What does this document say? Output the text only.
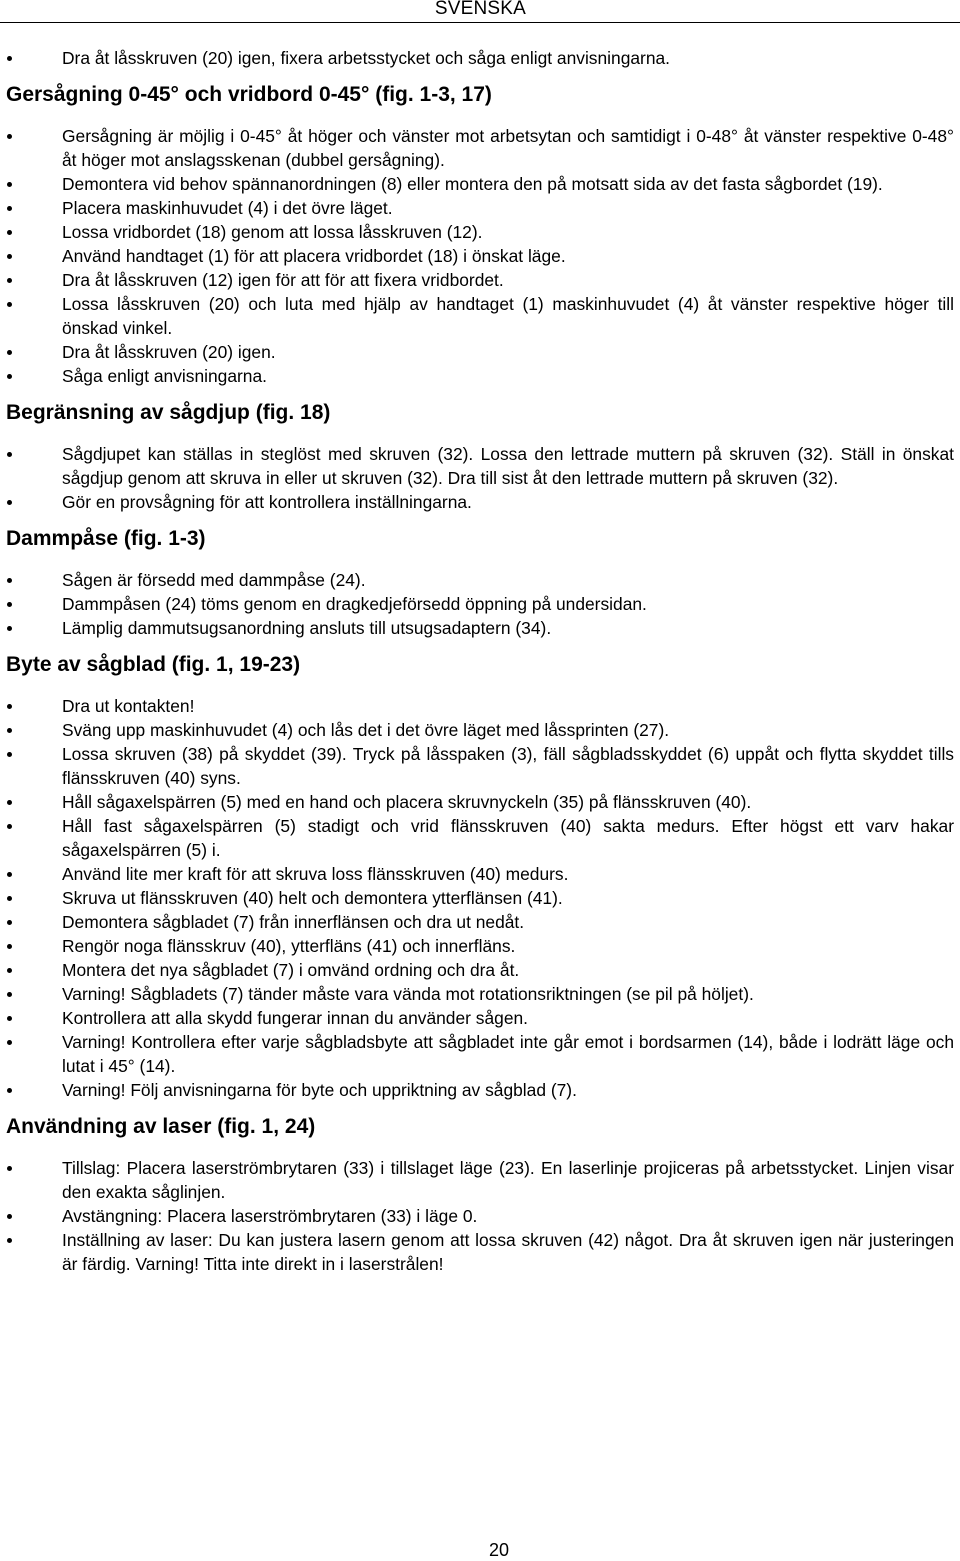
SVENSKA
Dra åt låsskruven (20) igen, fixera arbetsstycket och såga enligt anvisningarna.
Gersågning 0-45° och vridbord 0-45° (fig. 1-3, 17)
Gersågning är möjlig i 0-45° åt höger och vänster mot arbetsytan och samtidigt i 0-48° åt vänster respektive 0-48° åt höger mot anslagsskenan (dubbel gersågning).
Demontera vid behov spännanordningen (8) eller montera den på motsatt sida av det fasta sågbordet (19).
Placera maskinhuvudet (4) i det övre läget.
Lossa vridbordet (18) genom att lossa låsskruven (12).
Använd handtaget (1) för att placera vridbordet (18) i önskat läge.
Dra åt låsskruven (12) igen för att för att fixera vridbordet.
Lossa låsskruven (20) och luta med hjälp av handtaget (1) maskinhuvudet (4) åt vänster respektive höger till önskad vinkel.
Dra åt låsskruven (20) igen.
Såga enligt anvisningarna.
Begränsning av sågdjup (fig. 18)
Sågdjupet kan ställas in steglöst med skruven (32). Lossa den lettrade muttern på skruven (32). Ställ in önskat sågdjup genom att skruva in eller ut skruven (32). Dra till sist åt den lettrade muttern på skruven (32).
Gör en provsågning för att kontrollera inställningarna.
Dammpåse (fig. 1-3)
Sågen är försedd med dammpåse (24).
Dammpåsen (24) töms genom en dragkedjeförsedd öppning på undersidan.
Lämplig dammutsugsanordning ansluts till utsugsadaptern (34).
Byte av sågblad (fig. 1, 19-23)
Dra ut kontakten!
Sväng upp maskinhuvudet (4) och lås det i det övre läget med låssprinten (27).
Lossa skruven (38) på skyddet (39). Tryck på låsspaken (3), fäll sågbladsskyddet (6) uppåt och flytta skyddet tills flänsskruven (40) syns.
Håll sågaxelspärren (5) med en hand och placera skruvnyckeln (35) på flänsskruven (40).
Håll fast sågaxelspärren (5) stadigt och vrid flänsskruven (40) sakta medurs. Efter högst ett varv hakar sågaxelspärren (5) i.
Använd lite mer kraft för att skruva loss flänsskruven (40) medurs.
Skruva ut flänsskruven (40) helt och demontera ytterflänsen (41).
Demontera sågbladet (7) från innerflänsen och dra ut nedåt.
Rengör noga flänsskruv (40), ytterfläns (41) och innerfläns.
Montera det nya sågbladet (7) i omvänd ordning och dra åt.
Varning! Sågbladets (7) tänder måste vara vända mot rotationsriktningen (se pil på höljet).
Kontrollera att alla skydd fungerar innan du använder sågen.
Varning! Kontrollera efter varje sågbladsbyte att sågbladet inte går emot i bordsarmen (14), både i lodrätt läge och lutat i 45° (14).
Varning! Följ anvisningarna för byte och uppriktning av sågblad (7).
Användning av laser (fig. 1, 24)
Tillslag: Placera laserströmbrytaren (33) i tillslaget läge (23). En laserlinje projiceras på arbetsstycket. Linjen visar den exakta såglinjen.
Avstängning: Placera laserströmbrytaren (33) i läge 0.
Inställning av laser: Du kan justera lasern genom att lossa skruven (42) något. Dra åt skruven igen när justeringen är färdig. Varning! Titta inte direkt in i laserstrålen!
20
